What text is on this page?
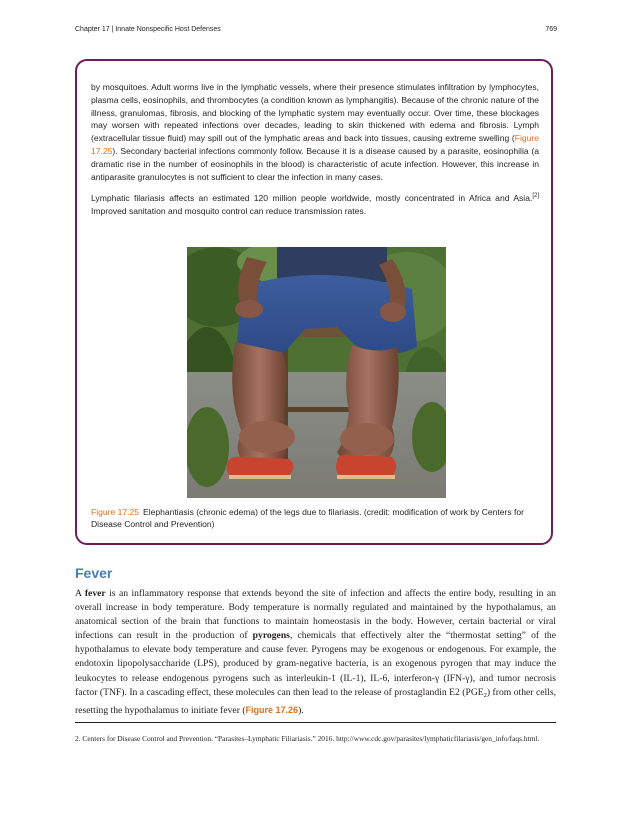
Chapter 17 | Innate Nonspecific Host Defenses	769

by mosquitoes. Adult worms live in the lymphatic vessels, where their presence stimulates infiltration by lymphocytes, plasma cells, eosinophils, and thrombocytes (a condition known as lymphangitis). Because of the chronic nature of the illness, granulomas, fibrosis, and blocking of the lymphatic system may eventually occur. Over time, these blockages may worsen with repeated infections over decades, leading to skin thickened with edema and fibrosis. Lymph (extracellular tissue fluid) may spill out of the lymphatic areas and back into tissues, causing extreme swelling (Figure 17.25). Secondary bacterial infections commonly follow. Because it is a disease caused by a parasite, eosinophilia (a dramatic rise in the number of eosinophils in the blood) is characteristic of acute infection. However, this increase in antiparasite granulocytes is not sufficient to clear the infection in many cases.

Lymphatic filariasis affects an estimated 120 million people worldwide, mostly concentrated in Africa and Asia.[2] Improved sanitation and mosquito control can reduce transmission rates.

Figure 17.25 Elephantiasis (chronic edema) of the legs due to filariasis. (credit: modification of work by Centers for Disease Control and Prevention)
Fever

A fever is an inflammatory response that extends beyond the site of infection and affects the entire body, resulting in an overall increase in body temperature. Body temperature is normally regulated and maintained by the hypothalamus, an anatomical section of the brain that functions to maintain homeostasis in the body. However, certain bacterial or viral infections can result in the production of pyrogens, chemicals that effectively alter the “thermostat setting” of the hypothalamus to elevate body temperature and cause fever. Pyrogens may be exogenous or endogenous. For example, the endotoxin lipopolysaccharide (LPS), produced by gram-negative bacteria, is an exogenous pyrogen that may induce the leukocytes to release endogenous pyrogens such as interleukin-1 (IL-1), IL-6, interferon-γ (IFN-γ), and tumor necrosis factor (TNF). In a cascading effect, these molecules can then lead to the release of prostaglandin E2 $(PGE_2)$ from other cells, resetting the hypothalamus to initiate fever (Figure 17.26).

2. Centers for Disease Control and Prevention. “Parasites–Lymphatic Filiariasis.” 2016. http://www.cdc.gov/parasites/lymphaticfilariasis/gen_info/faqs.html.
